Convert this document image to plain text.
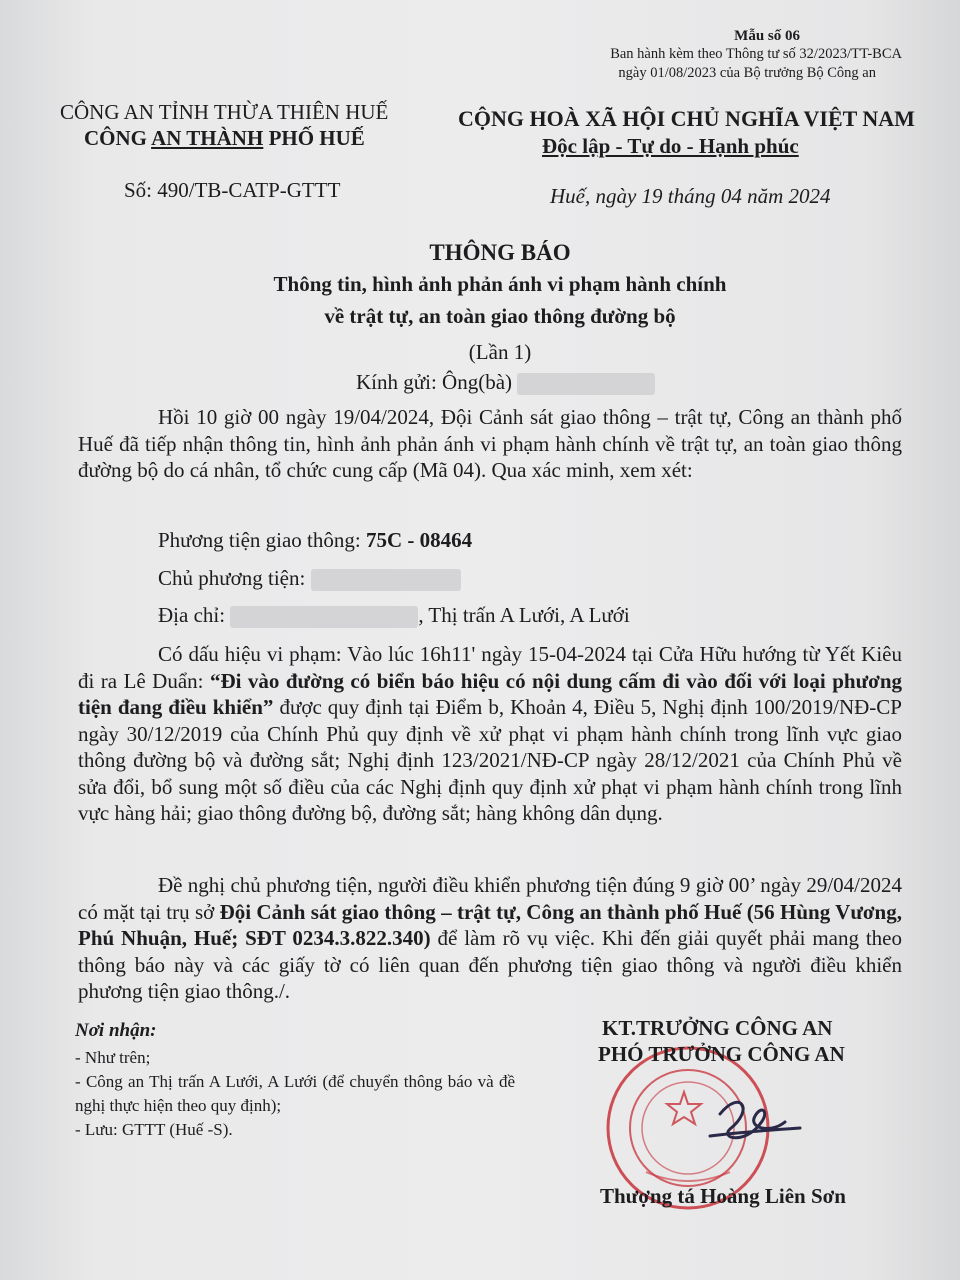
Mẫu số 06
Ban hành kèm theo Thông tư số 32/2023/TT-BCA
ngày 01/08/2023 của Bộ trưởng Bộ Công an
CÔNG AN TỈNH THỪA THIÊN HUẾ
CÔNG AN THÀNH PHỐ HUẾ
CỘNG HOÀ XÃ HỘI CHỦ NGHĨA VIỆT NAM
Độc lập - Tự do - Hạnh phúc
Số: 490/TB-CATP-GTTT	Huế, ngày 19 tháng 04 năm 2024
THÔNG BÁO
Thông tin, hình ảnh phản ánh vi phạm hành chính
về trật tự, an toàn giao thông đường bộ
(Lần 1)
Kính gửi: Ông(bà)
Hồi 10 giờ 00 ngày 19/04/2024, Đội Cảnh sát giao thông – trật tự, Công an thành phố Huế đã tiếp nhận thông tin, hình ảnh phản ánh vi phạm hành chính về trật tự, an toàn giao thông đường bộ do cá nhân, tổ chức cung cấp (Mã 04). Qua xác minh, xem xét:
Phương tiện giao thông: 75C - 08464
Chủ phương tiện:
Địa chỉ:	, Thị trấn A Lưới, A Lưới
Có dấu hiệu vi phạm: Vào lúc 16h11' ngày 15-04-2024 tại Cửa Hữu hướng từ Yết Kiêu đi ra Lê Duẩn: “Đi vào đường có biển báo hiệu có nội dung cấm đi vào đối với loại phương tiện đang điều khiển” được quy định tại Điểm b, Khoản 4, Điều 5, Nghị định 100/2019/NĐ-CP ngày 30/12/2019 của Chính Phủ quy định về xử phạt vi phạm hành chính trong lĩnh vực giao thông đường bộ và đường sắt; Nghị định 123/2021/NĐ-CP ngày 28/12/2021 của Chính Phủ về sửa đổi, bổ sung một số điều của các Nghị định quy định xử phạt vi phạm hành chính trong lĩnh vực hàng hải; giao thông đường bộ, đường sắt; hàng không dân dụng.
Đề nghị chủ phương tiện, người điều khiển phương tiện đúng 9 giờ 00’ ngày 29/04/2024 có mặt tại trụ sở Đội Cảnh sát giao thông – trật tự, Công an thành phố Huế (56 Hùng Vương, Phú Nhuận, Huế; SĐT 0234.3.822.340) để làm rõ vụ việc. Khi đến giải quyết phải mang theo thông báo này và các giấy tờ có liên quan đến phương tiện giao thông và người điều khiển phương tiện giao thông./.
Nơi nhận:
- Như trên;
- Công an Thị trấn A Lưới, A Lưới (để chuyển thông báo và đề nghị thực hiện theo quy định);
- Lưu: GTTT (Huế -S).
KT.TRƯỞNG CÔNG AN
PHÓ TRƯỞNG CÔNG AN
Thượng tá Hoàng Liên Sơn
